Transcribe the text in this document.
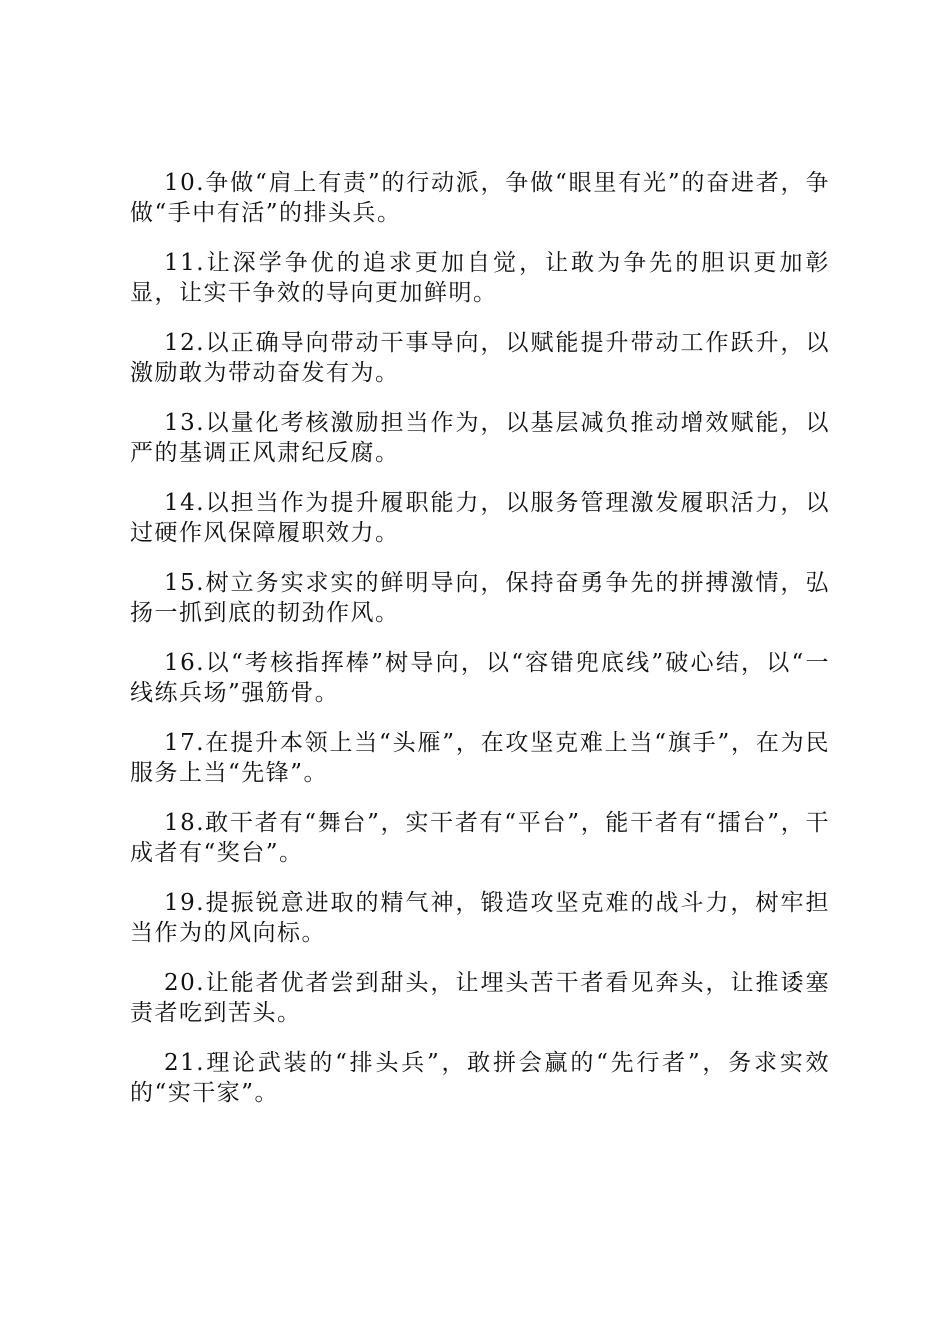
10.争做“肩上有责”的行动派，争做“眼里有光”的奋进者，争做“手中有活”的排头兵。

11.让深学争优的追求更加自觉，让敢为争先的胆识更加彰显，让实干争效的导向更加鲜明。

12.以正确导向带动干事导向，以赋能提升带动工作跃升，以激励敢为带动奋发有为。

13.以量化考核激励担当作为，以基层减负推动增效赋能，以严的基调正风肃纪反腐。

14.以担当作为提升履职能力，以服务管理激发履职活力，以过硬作风保障履职效力。

15.树立务实求实的鲜明导向，保持奋勇争先的拼搏激情，弘扬一抓到底的韧劲作风。

16.以“考核指挥棒”树导向，以“容错兜底线”破心结，以“一线练兵场”强筋骨。

17.在提升本领上当“头雁”，在攻坚克难上当“旗手”，在为民服务上当“先锋”。

18.敢干者有“舞台”，实干者有“平台”，能干者有“擂台”，干成者有“奖台”。

19.提振锐意进取的精气神，锻造攻坚克难的战斗力，树牢担当作为的风向标。

20.让能者优者尝到甜头，让埋头苦干者看见奔头，让推诿塞责者吃到苦头。

21.理论武装的“排头兵”，敢拼会赢的“先行者”，务求实效的“实干家”。
